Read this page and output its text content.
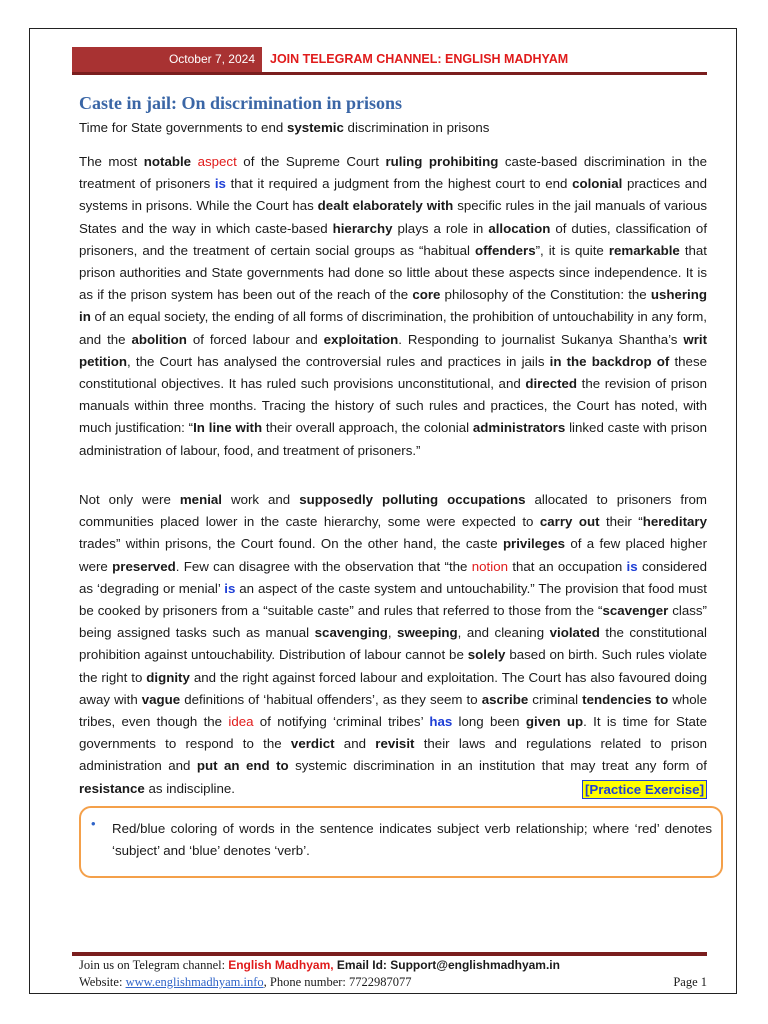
October 7, 2024	JOIN TELEGRAM CHANNEL: ENGLISH MADHYAM
Caste in jail: On discrimination in prisons
Time for State governments to end systemic discrimination in prisons

The most notable aspect of the Supreme Court ruling prohibiting caste-based discrimination in the treatment of prisoners is that it required a judgment from the highest court to end colonial practices and systems in prisons. While the Court has dealt elaborately with specific rules in the jail manuals of various States and the way in which caste-based hierarchy plays a role in allocation of duties, classification of prisoners, and the treatment of certain social groups as “habitual offenders”, it is quite remarkable that prison authorities and State governments had done so little about these aspects since independence. It is as if the prison system has been out of the reach of the core philosophy of the Constitution: the ushering in of an equal society, the ending of all forms of discrimination, the prohibition of untouchability in any form, and the abolition of forced labour and exploitation. Responding to journalist Sukanya Shantha’s writ petition, the Court has analysed the controversial rules and practices in jails in the backdrop of these constitutional objectives. It has ruled such provisions unconstitutional, and directed the revision of prison manuals within three months. Tracing the history of such rules and practices, the Court has noted, with much justification: “In line with their overall approach, the colonial administrators linked caste with prison administration of labour, food, and treatment of prisoners.”

Not only were menial work and supposedly polluting occupations allocated to prisoners from communities placed lower in the caste hierarchy, some were expected to carry out their “hereditary trades” within prisons, the Court found. On the other hand, the caste privileges of a few placed higher were preserved. Few can disagree with the observation that “the notion that an occupation is considered as ‘degrading or menial’ is an aspect of the caste system and untouchability.” The provision that food must be cooked by prisoners from a “suitable caste” and rules that referred to those from the “scavenger class” being assigned tasks such as manual scavenging, sweeping, and cleaning violated the constitutional prohibition against untouchability. Distribution of labour cannot be solely based on birth. Such rules violate the right to dignity and the right against forced labour and exploitation. The Court has also favoured doing away with vague definitions of ‘habitual offenders’, as they seem to ascribe criminal tendencies to whole tribes, even though the idea of notifying ‘criminal tribes’ has long been given up. It is time for State governments to respond to the verdict and revisit their laws and regulations related to prison administration and put an end to systemic discrimination in an institution that may treat any form of resistance	[Practice Exercise]
as indiscipline.

• Red/blue coloring of words in the sentence indicates subject verb relationship; where ‘red’ denotes ‘subject’ and ‘blue’ denotes ‘verb’.

Join us on Telegram channel: English Madhyam, Email Id: Support@englishmadhyam.in
Website: www.englishmadhyam.info, Phone number: 7722987077	Page 1
